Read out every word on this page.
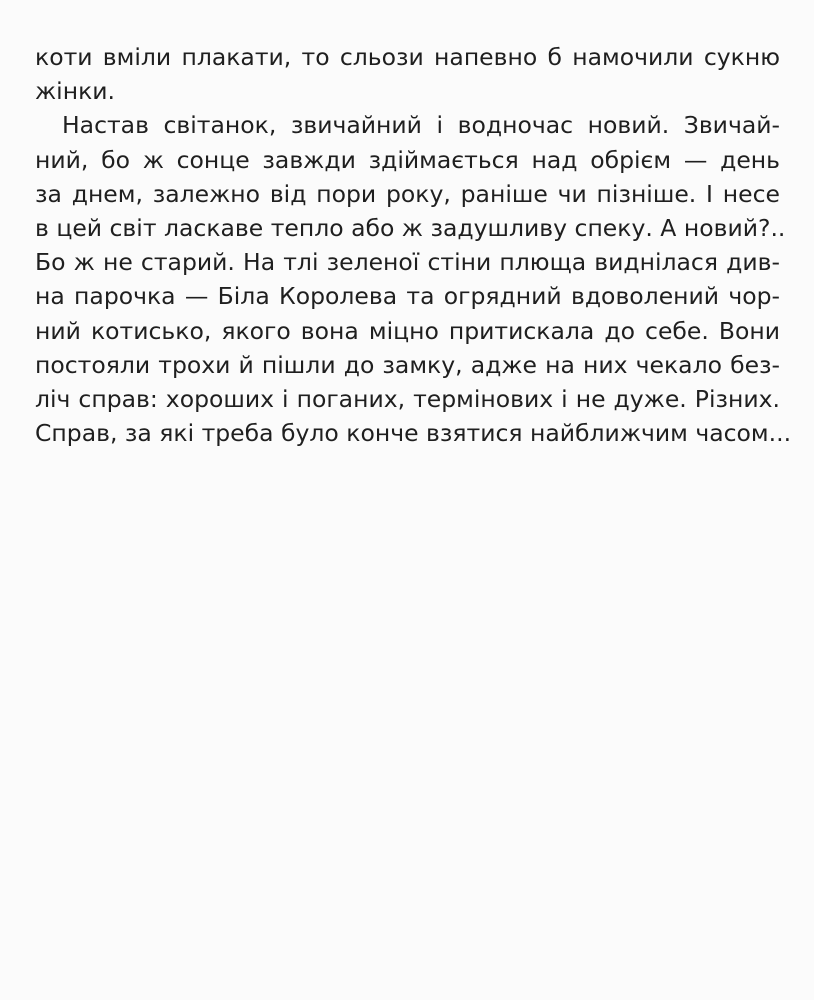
коти вміли плакати, то сльози напевно б намочили сукню
жінки.
Настав світанок, звичайний і водночас новий. Звичай-
ний, бо ж сонце завжди здіймається над обрієм — день
за днем, залежно від пори року, раніше чи пізніше. І несе
в цей світ ласкаве тепло або ж задушливу спеку. А новий?..
Бо ж не старий. На тлі зеленої стіни плюща виднілася див-
на парочка — Біла Королева та огрядний вдоволений чор-
ний котисько, якого вона міцно притискала до себе. Вони
постояли трохи й пішли до замку, адже на них чекало без-
ліч справ: хороших і поганих, термінових і не дуже. Різних.
Справ, за які треба було конче взятися найближчим часом...
